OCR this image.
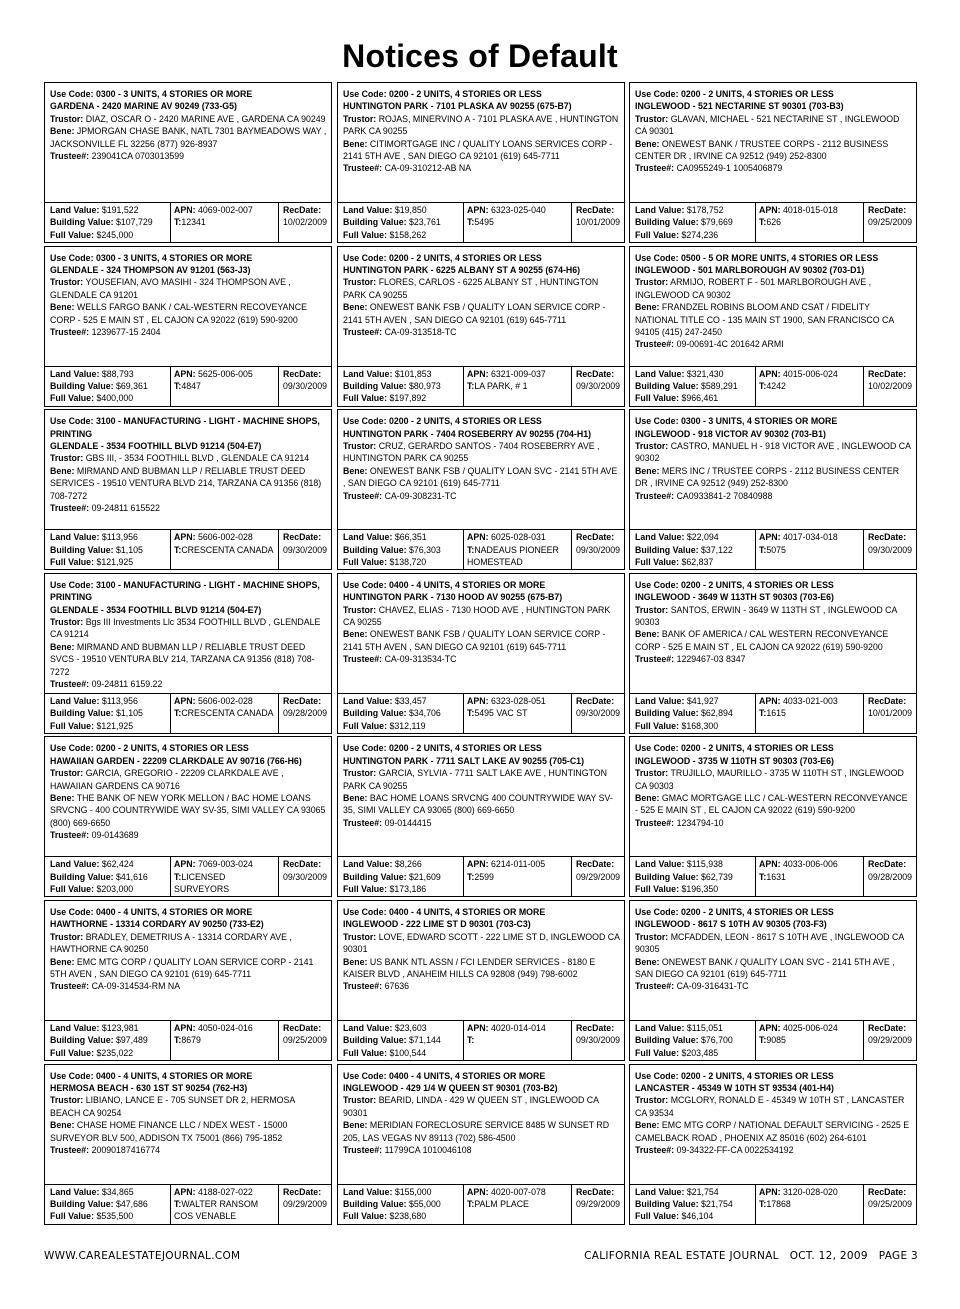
Notices of Default
Use Code: 0300 - 3 UNITS, 4 STORIES OR MORE
GARDENA - 2420 MARINE AV 90249 (733-G5)
Trustor: DIAZ, OSCAR O - 2420 MARINE AVE , GARDENA CA 90249
Bene: JPMORGAN CHASE BANK, NATL 7301 BAYMEADOWS WAY , JACKSONVILLE FL 32256 (877) 926-8937
Trustee#: 239041CA 0703013599
Land Value: $191,522
Building Value: $107,729
Full Value: $245,000
APN: 4069-002-007
T:12341
RecDate:
10/02/2009
Use Code: 0300 - 3 UNITS, 4 STORIES OR MORE
GLENDALE - 324 THOMPSON AV 91201 (563-J3)
Trustor: YOUSEFIAN, AVO MASIHI - 324 THOMPSON AVE , GLENDALE CA 91201
Bene: WELLS FARGO BANK / CAL-WESTERN RECOVEYANCE CORP - 525 E MAIN ST , EL CAJON CA 92022 (619) 590-9200
Trustee#: 1239677-15 2404
Land Value: $88,793
Building Value: $69,361
Full Value: $400,000
APN: 5625-006-005
T:4847
RecDate:
09/30/2009
Use Code: 3100 - MANUFACTURING - LIGHT - MACHINE SHOPS, PRINTING
GLENDALE - 3534 FOOTHILL BLVD 91214 (504-E7)
Trustor: GBS III, - 3534 FOOTHILL BLVD , GLENDALE CA 91214
Bene: MIRMAND AND BUBMAN LLP / RELIABLE TRUST DEED SERVICES - 19510 VENTURA BLVD 214, TARZANA CA 91356 (818) 708-7272
Trustee#: 09-24811 615522
Land Value: $113,956
Building Value: $1,105
Full Value: $121,925
APN: 5606-002-028
T:CRESCENTA CANADA
RecDate:
09/30/2009
Use Code: 3100 - MANUFACTURING - LIGHT - MACHINE SHOPS, PRINTING
GLENDALE - 3534 FOOTHILL BLVD 91214 (504-E7)
Trustor: Bgs III Investments Llc 3534 FOOTHILL BLVD , GLENDALE CA 91214
Bene: MIRMAND AND BUBMAN LLP / RELIABLE TRUST DEED SVCS - 19510 VENTURA BLV 214, TARZANA CA 91356 (818) 708-7272
Trustee#: 09-24811 6159.22
Land Value: $113,956
Building Value: $1,105
Full Value: $121,925
APN: 5606-002-028
T:CRESCENTA CANADA
RecDate:
09/28/2009
Use Code: 0200 - 2 UNITS, 4 STORIES OR LESS
HAWAIIAN GARDEN - 22209 CLARKDALE AV 90716 (766-H6)
Trustor: GARCIA, GREGORIO - 22209 CLARKDALE AVE , HAWAIIAN GARDENS CA 90716
Bene: THE BANK OF NEW YORK MELLON / BAC HOME LOANS SRVCNG - 400 COUNTRYWIDE WAY SV-35, SIMI VALLEY CA 93065 (800) 669-6650
Trustee#: 09-0143689
Land Value: $62,424
Building Value: $41,616
Full Value: $203,000
APN: 7069-003-024
T:LICENSED SURVEYORS
RecDate:
09/30/2009
Use Code: 0400 - 4 UNITS, 4 STORIES OR MORE
HAWTHORNE - 13314 CORDARY AV 90250 (733-E2)
Trustor: BRADLEY, DEMETRIUS A - 13314 CORDARY AVE , HAWTHORNE CA 90250
Bene: EMC MTG CORP / QUALITY LOAN SERVICE CORP - 2141 5TH AVEN , SAN DIEGO CA 92101 (619) 645-7711
Trustee#: CA-09-314534-RM NA
Land Value: $123,981
Building Value: $97,489
Full Value: $235,022
APN: 4050-024-016
T:8679
RecDate:
09/25/2009
Use Code: 0400 - 4 UNITS, 4 STORIES OR MORE
HERMOSA BEACH - 630 1ST ST 90254 (762-H3)
Trustor: LIBIANO, LANCE E - 705 SUNSET DR 2, HERMOSA BEACH CA 90254
Bene: CHASE HOME FINANCE LLC / NDEX WEST - 15000 SURVEYOR BLV 500, ADDISON TX 75001 (866) 795-1852
Trustee#: 20090187416774
Land Value: $34,865
Building Value: $47,686
Full Value: $535,500
APN: 4188-027-022
T:WALTER RANSOM COS VENABLE
RecDate:
09/29/2009
Use Code: 0200 - 2 UNITS, 4 STORIES OR LESS
HUNTINGTON PARK - 7101 PLASKA AV 90255 (675-B7)
Trustor: ROJAS, MINERVINO A - 7101 PLASKA AVE , HUNTINGTON PARK CA 90255
Bene: CITIMORTGAGE INC / QUALITY LOANS SERVICES CORP - 2141 5TH AVE , SAN DIEGO CA 92101 (619) 645-7711
Trustee#: CA-09-310212-AB NA
Land Value: $19,850
Building Value: $23,761
Full Value: $158,262
APN: 6323-025-040
T:5495
RecDate:
10/01/2009
Use Code: 0200 - 2 UNITS, 4 STORIES OR LESS
HUNTINGTON PARK - 6225 ALBANY ST A 90255 (674-H6)
Trustor: FLORES, CARLOS - 6225 ALBANY ST , HUNTINGTON PARK CA 90255
Bene: ONEWEST BANK FSB / QUALITY LOAN SERVICE CORP - 2141 5TH AVEN , SAN DIEGO CA 92101 (619) 645-7711
Trustee#: CA-09-313518-TC
Land Value: $101,853
Building Value: $80,973
Full Value: $197,892
APN: 6321-009-037
T:LA PARK, # 1
RecDate:
09/30/2009
Use Code: 0200 - 2 UNITS, 4 STORIES OR LESS
HUNTINGTON PARK - 7404 ROSEBERRY AV 90255 (704-H1)
Trustor: CRUZ, GERARDO SANTOS - 7404 ROSEBERRY AVE , HUNTINGTON PARK CA 90255
Bene: ONEWEST BANK FSB / QUALITY LOAN SVC - 2141 5TH AVE , SAN DIEGO CA 92101 (619) 645-7711
Trustee#: CA-09-308231-TC
Land Value: $66,351
Building Value: $76,303
Full Value: $138,720
APN: 6025-028-031
T:NADEAUS PIONEER HOMESTEAD
RecDate:
09/30/2009
Use Code: 0400 - 4 UNITS, 4 STORIES OR MORE
HUNTINGTON PARK - 7130 HOOD AV 90255 (675-B7)
Trustor: CHAVEZ, ELIAS - 7130 HOOD AVE , HUNTINGTON PARK CA 90255
Bene: ONEWEST BANK FSB / QUALITY LOAN SERVICE CORP - 2141 5TH AVEN , SAN DIEGO CA 92101 (619) 645-7711
Trustee#: CA-09-313534-TC
Land Value: $33,457
Building Value: $34,706
Full Value: $312,119
APN: 6323-028-051
T:5495 VAC ST
RecDate:
09/30/2009
Use Code: 0200 - 2 UNITS, 4 STORIES OR LESS
HUNTINGTON PARK - 7711 SALT LAKE AV 90255 (705-C1)
Trustor: GARCIA, SYLVIA - 7711 SALT LAKE AVE , HUNTINGTON PARK CA 90255
Bene: BAC HOME LOANS SRVCNG 400 COUNTRYWIDE WAY SV-35, SIMI VALLEY CA 93065 (800) 669-6650
Trustee#: 09-0144415
Land Value: $8,266
Building Value: $21,609
Full Value: $173,186
APN: 6214-011-005
T:2599
RecDate:
09/29/2009
Use Code: 0400 - 4 UNITS, 4 STORIES OR MORE
INGLEWOOD - 222 LIME ST D 90301 (703-C3)
Trustor: LOVE, EDWARD SCOTT - 222 LIME ST D, INGLEWOOD CA 90301
Bene: US BANK NTL ASSN / FCI LENDER SERVICES - 8180 E KAISER BLVD , ANAHEIM HILLS CA 92808 (949) 798-6002
Trustee#: 67636
Land Value: $23,603
Building Value: $71,144
Full Value: $100,544
APN: 4020-014-014
T:
RecDate:
09/30/2009
Use Code: 0400 - 4 UNITS, 4 STORIES OR MORE
INGLEWOOD - 429 1/4 W QUEEN ST 90301 (703-B2)
Trustor: BEARID, LINDA - 429 W QUEEN ST , INGLEWOOD CA 90301
Bene: MERIDIAN FORECLOSURE SERVICE 8485 W SUNSET RD 205, LAS VEGAS NV 89113 (702) 586-4500
Trustee#: 11799CA 1010046108
Land Value: $155,000
Building Value: $55,000
Full Value: $238,680
APN: 4020-007-078
T:PALM PLACE
RecDate:
09/29/2009
Use Code: 0200 - 2 UNITS, 4 STORIES OR LESS
INGLEWOOD - 521 NECTARINE ST 90301 (703-B3)
Trustor: GLAVAN, MICHAEL - 521 NECTARINE ST , INGLEWOOD CA 90301
Bene: ONEWEST BANK / TRUSTEE CORPS - 2112 BUSINESS CENTER DR , IRVINE CA 92512 (949) 252-8300
Trustee#: CA0955249-1 1005406879
Land Value: $178,752
Building Value: $79,669
Full Value: $274,236
APN: 4018-015-018
T:626
RecDate:
09/25/2009
Use Code: 0500 - 5 OR MORE UNITS, 4 STORIES OR LESS
INGLEWOOD - 501 MARLBOROUGH AV 90302 (703-D1)
Trustor: ARMIJO, ROBERT F - 501 MARLBOROUGH AVE , INGLEWOOD CA 90302
Bene: FRANDZEL ROBINS BLOOM AND CSAT / FIDELITY NATIONAL TITLE CO - 135 MAIN ST 1900, SAN FRANCISCO CA 94105 (415) 247-2450
Trustee#: 09-00691-4C 201642 ARMI
Land Value: $321,430
Building Value: $589,291
Full Value: $966,461
APN: 4015-006-024
T:4242
RecDate:
10/02/2009
Use Code: 0300 - 3 UNITS, 4 STORIES OR MORE
INGLEWOOD - 918 VICTOR AV 90302 (703-B1)
Trustor: CASTRO, MANUEL H - 918 VICTOR AVE , INGLEWOOD CA 90302
Bene: MERS INC / TRUSTEE CORPS - 2112 BUSINESS CENTER DR , IRVINE CA 92512 (949) 252-8300
Trustee#: CA0933841-2 70840988
Land Value: $22,094
Building Value: $37,122
Full Value: $62,837
APN: 4017-034-018
T:5075
RecDate:
09/30/2009
Use Code: 0200 - 2 UNITS, 4 STORIES OR LESS
INGLEWOOD - 3649 W 113TH ST 90303 (703-E6)
Trustor: SANTOS, ERWIN - 3649 W 113TH ST , INGLEWOOD CA 90303
Bene: BANK OF AMERICA / CAL WESTERN RECONVEYANCE CORP - 525 E MAIN ST , EL CAJON CA 92022 (619) 590-9200
Trustee#: 1229467-03 8347
Land Value: $41,927
Building Value: $62,894
Full Value: $168,300
APN: 4033-021-003
T:1615
RecDate:
10/01/2009
Use Code: 0200 - 2 UNITS, 4 STORIES OR LESS
INGLEWOOD - 3735 W 110TH ST 90303 (703-E6)
Trustor: TRUJILLO, MAURILLO - 3735 W 110TH ST , INGLEWOOD CA 90303
Bene: GMAC MORTGAGE LLC / CAL-WESTERN RECONVEYANCE - 525 E MAIN ST , EL CAJON CA 92022 (619) 590-9200
Trustee#: 1234794-10
Land Value: $115,938
Building Value: $62,739
Full Value: $196,350
APN: 4033-006-006
T:1631
RecDate:
09/28/2009
Use Code: 0200 - 2 UNITS, 4 STORIES OR LESS
INGLEWOOD - 8617 S 10TH AV 90305 (703-F3)
Trustor: MCFADDEN, LEON - 8617 S 10TH AVE , INGLEWOOD CA 90305
Bene: ONEWEST BANK / QUALITY LOAN SVC - 2141 5TH AVE , SAN DIEGO CA 92101 (619) 645-7711
Trustee#: CA-09-316431-TC
Land Value: $115,051
Building Value: $76,700
Full Value: $203,485
APN: 4025-006-024
T:9085
RecDate:
09/29/2009
Use Code: 0200 - 2 UNITS, 4 STORIES OR LESS
LANCASTER - 45349 W 10TH ST 93534 (401-H4)
Trustor: MCGLORY, RONALD E - 45349 W 10TH ST , LANCASTER CA 93534
Bene: EMC MTG CORP / NATIONAL DEFAULT SERVICING - 2525 E CAMELBACK ROAD , PHOENIX AZ 85016 (602) 264-6101
Trustee#: 09-34322-FF-CA 0022534192
Land Value: $21,754
Building Value: $21,754
Full Value: $46,104
APN: 3120-028-020
T:17868
RecDate:
09/25/2009
WWW.CAREALESTATEJOURNAL.COM	CALIFORNIA REAL ESTATE JOURNAL   OCT. 12, 2009   PAGE 3
